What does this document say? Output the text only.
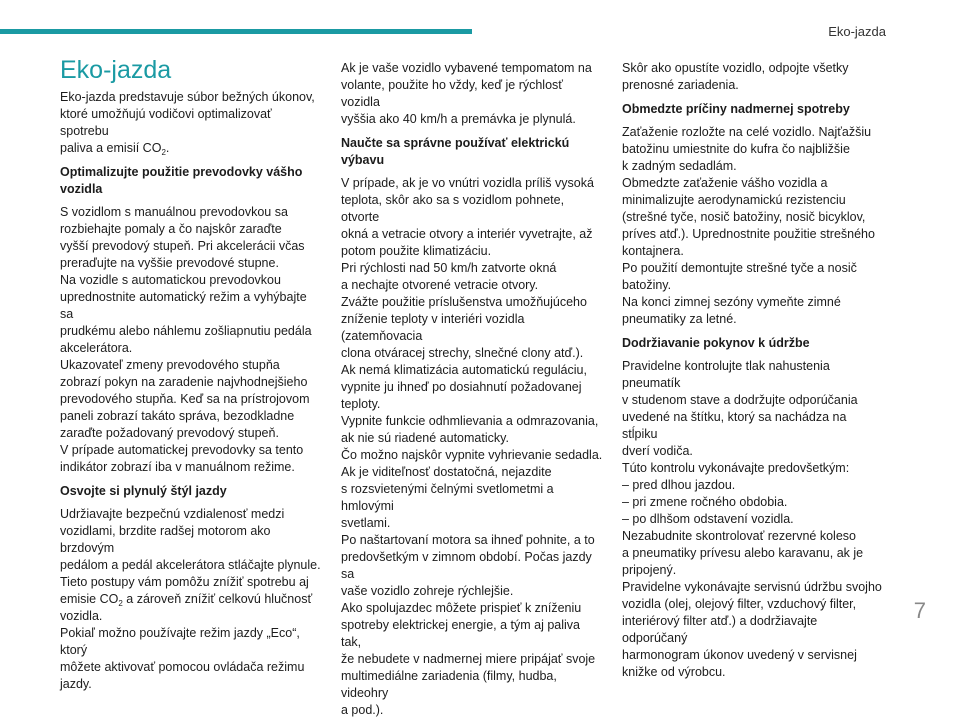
Eko-jazda
Eko-jazda

Eko-jazda predstavuje súbor bežných úkonov,
ktoré umožňujú vodičovi optimalizovať spotrebu
paliva a emisií $CO_2$.

Optimalizujte použitie prevodovky vášho vozidla

S vozidlom s manuálnou prevodovkou sa
rozbiehajte pomaly a čo najskôr zaraďte
vyšší prevodový stupeň. Pri akcelerácii včas
preraďujte na vyššie prevodové stupne.
Na vozidle s automatickou prevodovkou
uprednostnite automatický režim a vyhýbajte sa
prudkému alebo náhlemu zošliapnutiu pedála
akcelerátora.
Ukazovateľ zmeny prevodového stupňa
zobrazí pokyn na zaradenie najvhodnejšieho
prevodového stupňa. Keď sa na prístrojovom
paneli zobrazí takáto správa, bezodkladne
zaraďte požadovaný prevodový stupeň.
V prípade automatickej prevodovky sa tento
indikátor zobrazí iba v manuálnom režime.

Osvojte si plynulý štýl jazdy

Udržiavajte bezpečnú vzdialenosť medzi
vozidlami, brzdite radšej motorom ako brzdovým
pedálom a pedál akcelerátora stláčajte plynule.
Tieto postupy vám pomôžu znížiť spotrebu aj
emisie $CO_2$ a zároveň znížiť celkovú hlučnosť
vozidla.
Pokiaľ možno používajte režim jazdy „Eco“, ktorý
môžete aktivovať pomocou ovládača režimu
jazdy.

Ak je vaše vozidlo vybavené tempomatom na
volante, použite ho vždy, keď je rýchlosť vozidla
vyššia ako 40 km/h a premávka je plynulá.

Naučte sa správne používať elektrickú výbavu

V prípade, ak je vo vnútri vozidla príliš vysoká
teplota, skôr ako sa s vozidlom pohnete, otvorte
okná a vetracie otvory a interiér vyvetrajte, až
potom použite klimatizáciu.
Pri rýchlosti nad 50 km/h zatvorte okná
a nechajte otvorené vetracie otvory.
Zvážte použitie príslušenstva umožňujúceho
zníženie teploty v interiéri vozidla (zatemňovacia
clona otváracej strechy, slnečné clony atď.).
Ak nemá klimatizácia automatickú reguláciu,
vypnite ju ihneď po dosiahnutí požadovanej
teploty.
Vypnite funkcie odhmlievania a odmrazovania,
ak nie sú riadené automaticky.
Čo možno najskôr vypnite vyhrievanie sedadla.
Ak je viditeľnosť dostatočná, nejazdite
s rozsvietenými čelnými svetlometmi a hmlovými
svetlami.
Po naštartovaní motora sa ihneď pohnite, a to
predovšetkým v zimnom období. Počas jazdy sa
vaše vozidlo zohreje rýchlejšie.
Ako spolujazdec môžete prispieť k zníženiu
spotreby elektrickej energie, a tým aj paliva tak,
že nebudete v nadmernej miere pripájať svoje
multimediálne zariadenia (filmy, hudba, videohry
a pod.).

Skôr ako opustíte vozidlo, odpojte všetky
prenosné zariadenia.

Obmedzte príčiny nadmernej spotreby

Zaťaženie rozložte na celé vozidlo. Najťažšiu
batožinu umiestnite do kufra čo najbližšie
k zadným sedadlám.
Obmedzte zaťaženie vášho vozidla a
minimalizujte aerodynamickú rezistenciu
(strešné tyče, nosič batožiny, nosič bicyklov,
príves atď.). Uprednostnite použitie strešného
kontajnera.
Po použití demontujte strešné tyče a nosič
batožiny.
Na konci zimnej sezóny vymeňte zimné
pneumatiky za letné.

Dodržiavanie pokynov k údržbe

Pravidelne kontrolujte tlak nahustenia pneumatík
v studenom stave a dodržujte odporúčania
uvedené na štítku, ktorý sa nachádza na stĺpiku
dverí vodiča.
Túto kontrolu vykonávajte predovšetkým:
– pred dlhou jazdou.
– pri zmene ročného obdobia.
– po dlhšom odstavení vozidla.
Nezabudnite skontrolovať rezervné koleso
a pneumatiky prívesu alebo karavanu, ak je
pripojený.
Pravidelne vykonávajte servisnú údržbu svojho
vozidla (olej, olejový filter, vzduchový filter,
interiérový filter atď.) a dodržiavajte odporúčaný
harmonogram úkonov uvedený v servisnej
knižke od výrobcu.

7
